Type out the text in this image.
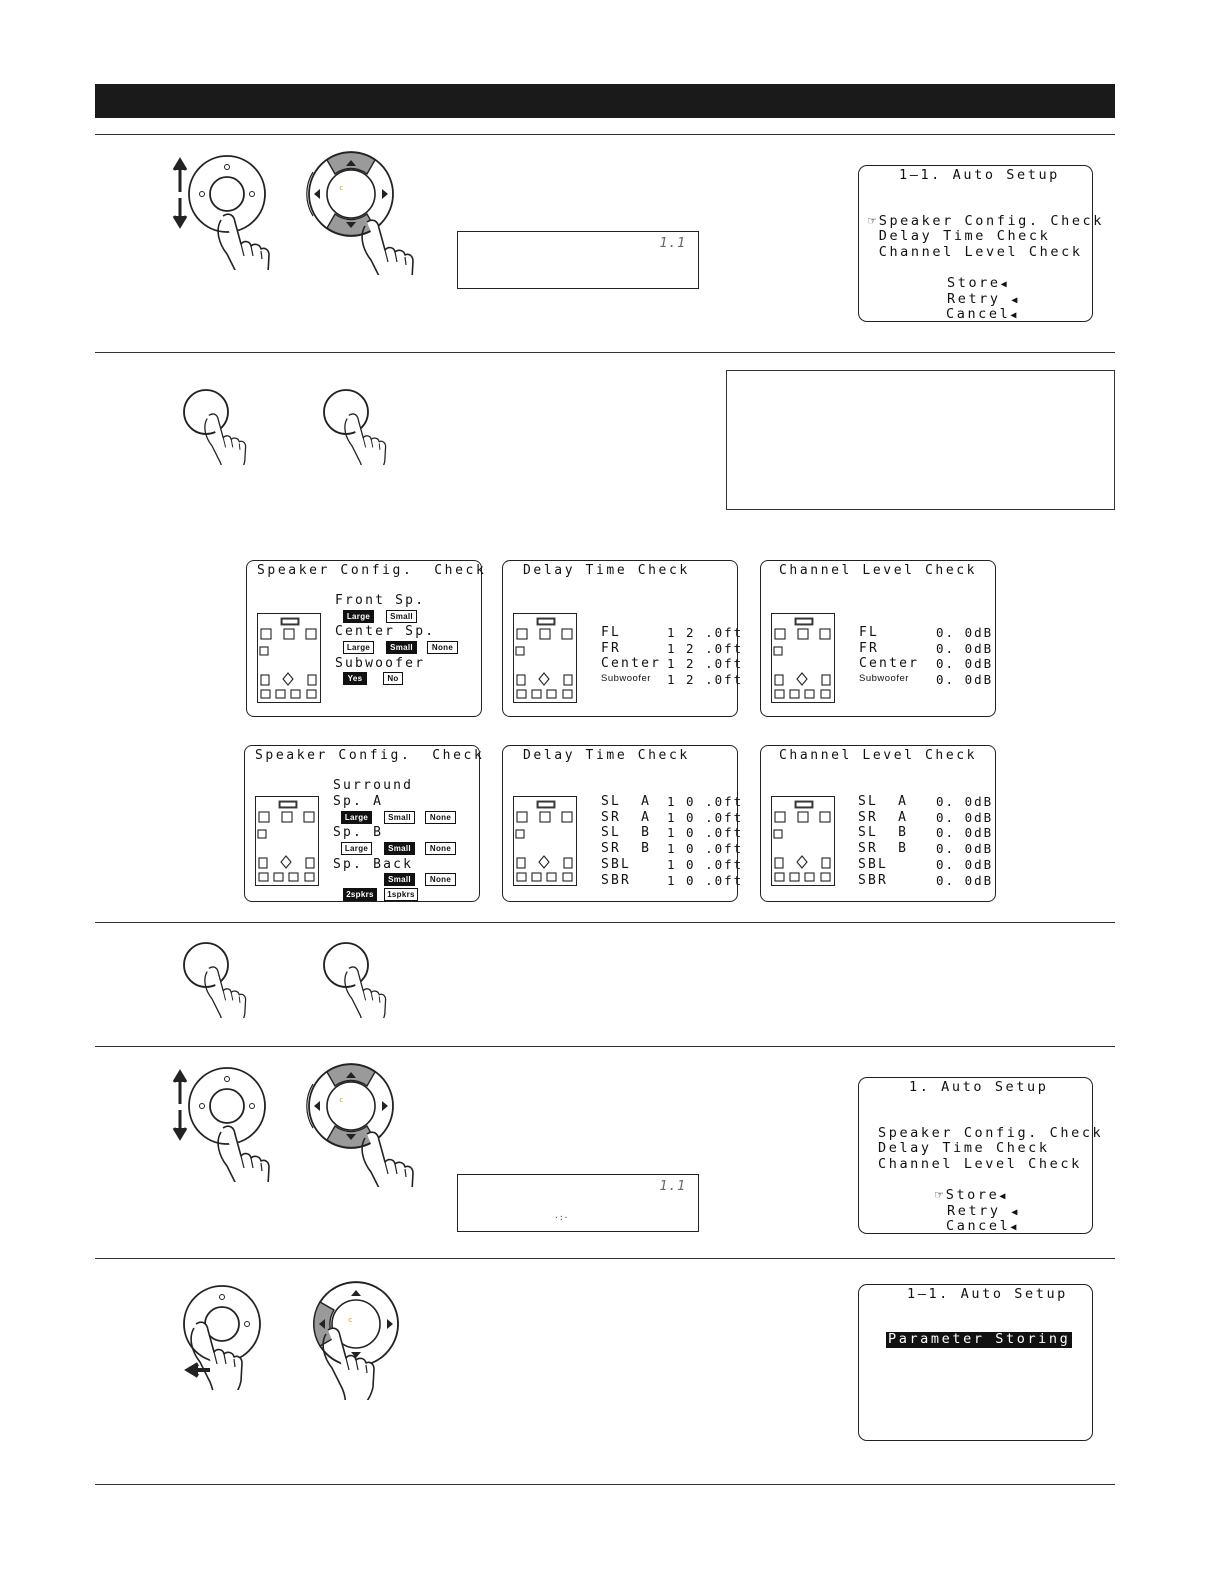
c
1.1
1–1. Auto Setup
☞Speaker Config. Check
Delay Time Check
Channel Level Check
Store◀
Retry ◀
Cancel◀
Speaker Config.  Check
Front Sp.
Large	Small
Center Sp.
Large	Small	None
Subwoofer
Yes	No
Delay Time Check
FL	1 2 .0ft
FR	1 2 .0ft
Center 1 2 .0ft
Subwoofer 1 2 .0ft
Channel Level Check
FL	0. 0dB
FR	0. 0dB
Center 0. 0dB
Subwoofer 0. 0dB
Speaker Config.  Check
Surround
Sp. A
Large	Small	None
Sp. B
Large	Small	None
Sp. Back
Small	None
2spkrs	1spkrs
Delay Time Check
SL  A 1 0 .0ft
SR  A 1 0 .0ft
SL  B 1 0 .0ft
SR  B 1 0 .0ft
SBL	1 0 .0ft
SBR	1 0 .0ft
Channel Level Check
SL  A 0. 0dB
SR  A 0. 0dB
SL  B 0. 0dB
SR  B 0. 0dB
SBL	0. 0dB
SBR	0. 0dB
c
1.1
·:·
1. Auto Setup
Speaker Config. Check
Delay Time Check
Channel Level Check
☞Store◀
Retry ◀
Cancel◀
c
1–1. Auto Setup
Parameter Storing
